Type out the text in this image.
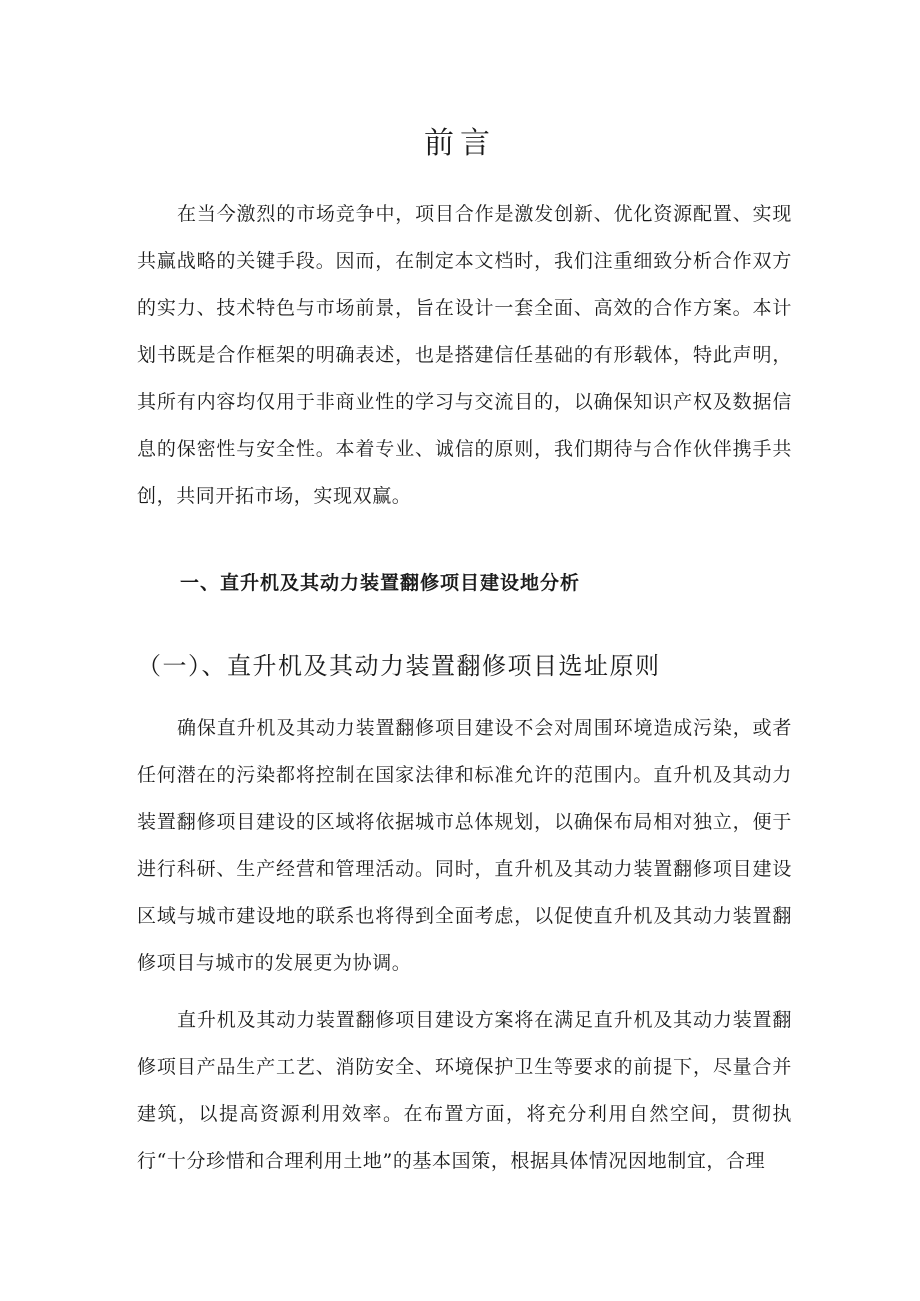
前言

在当今激烈的市场竞争中，项目合作是激发创新、优化资源配置、实现共赢战略的关键手段。因而，在制定本文档时，我们注重细致分析合作双方的实力、技术特色与市场前景，旨在设计一套全面、高效的合作方案。本计划书既是合作框架的明确表述，也是搭建信任基础的有形载体，特此声明，其所有内容均仅用于非商业性的学习与交流目的，以确保知识产权及数据信息的保密性与安全性。本着专业、诚信的原则，我们期待与合作伙伴携手共创，共同开拓市场，实现双赢。

一、直升机及其动力装置翻修项目建设地分析
（一）、直升机及其动力装置翻修项目选址原则

确保直升机及其动力装置翻修项目建设不会对周围环境造成污染，或者任何潜在的污染都将控制在国家法律和标准允许的范围内。直升机及其动力装置翻修项目建设的区域将依据城市总体规划，以确保布局相对独立，便于进行科研、生产经营和管理活动。同时，直升机及其动力装置翻修项目建设区域与城市建设地的联系也将得到全面考虑，以促使直升机及其动力装置翻修项目与城市的发展更为协调。

直升机及其动力装置翻修项目建设方案将在满足直升机及其动力装置翻修项目产品生产工艺、消防安全、环境保护卫生等要求的前提下，尽量合并建筑，以提高资源利用效率。在布置方面，将充分利用自然空间，贯彻执行“十分珍惜和合理利用土地”的基本国策，根据具体情况因地制宜，合理
